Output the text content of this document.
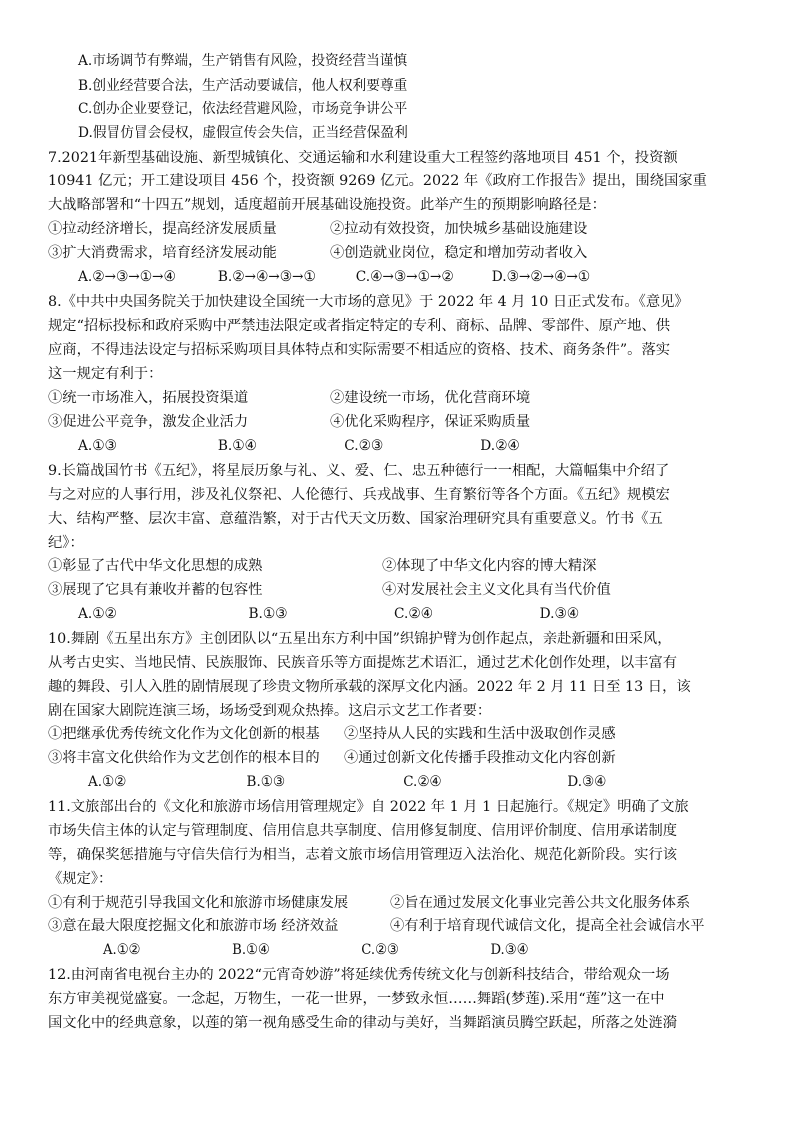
A.市场调节有弊端，生产销售有风险，投资经营当谨慎
B.创业经营要合法，生产活动要诚信，他人权利要尊重
C.创办企业要登记，依法经营避风险，市场竞争讲公平
D.假冒仿冒会侵权，虚假宣传会失信，正当经营保盈利
7.2021年新型基础设施、新型城镇化、交通运输和水利建设重大工程签约落地项目 451 个，投资额
10941 亿元；开工建设项目 456 个，投资额 9269 亿元。2022 年《政府工作报告》提出，围绕国家重
大战略部署和“十四五”规划，适度超前开展基础设施投资。此举产生的预期影响路径是：
①拉动经济增长，提高经济发展质量	②拉动有效投资，加快城乡基础设施建设
③扩大消费需求，培育经济发展动能	④创造就业岗位，稳定和增加劳动者收入
A.②→③→①→④	B.②→④→③→①	C.④→③→①→②	D.③→②→④→①
8.《中共中央国务院关于加快建设全国统一大市场的意见》于 2022 年 4 月 10 日正式发布。《意见》
规定“招标投标和政府采购中严禁违法限定或者指定特定的专利、商标、品牌、零部件、原产地、供
应商，不得违法设定与招标采购项目具体特点和实际需要不相适应的资格、技术、商务条件”。落实
这一规定有利于：
①统一市场准入，拓展投资渠道	②建设统一市场，优化营商环境
③促进公平竞争，激发企业活力	④优化采购程序，保证采购质量
A.①③	B.①④	C.②③	D.②④
9.长篇战国竹书《五纪》，将星辰历象与礼、义、爱、仁、忠五种德行一一相配，大篇幅集中介绍了
与之对应的人事行用，涉及礼仪祭祀、人伦德行、兵戎战事、生育繁衍等各个方面。《五纪》规模宏
大、结构严整、层次丰富、意蕴浩繁，对于古代天文历数、国家治理研究具有重要意义。竹书《五
纪》：
①彰显了古代中华文化思想的成熟	②体现了中华文化内容的博大精深
③展现了它具有兼收并蓄的包容性	④对发展社会主义文化具有当代价值
A.①②	B.①③	C.②④	D.③④
10.舞剧《五星出东方》主创团队以“五星出东方利中国”织锦护臂为创作起点，亲赴新疆和田采风，
从考古史实、当地民情、民族服饰、民族音乐等方面提炼艺术语汇，通过艺术化创作处理，以丰富有
趣的舞段、引人入胜的剧情展现了珍贵文物所承载的深厚文化内涵。2022 年 2 月 11 日至 13 日，该
剧在国家大剧院连演三场，场场受到观众热捧。这启示文艺工作者要：
①把继承优秀传统文化作为文化创新的根基 ②坚持从人民的实践和生活中汲取创作灵感
③将丰富文化供给作为文艺创作的根本目的 ④通过创新文化传播手段推动文化内容创新
A.①②	B.①③	C.②④	D.③④
11.文旅部出台的《文化和旅游市场信用管理规定》自 2022 年 1 月 1 日起施行。《规定》明确了文旅
市场失信主体的认定与管理制度、信用信息共享制度、信用修复制度、信用评价制度、信用承诺制度
等，确保奖惩措施与守信失信行为相当，志着文旅市场信用管理迈入法治化、规范化新阶段。实行该
《规定》：
①有利于规范引导我国文化和旅游市场健康发展	②旨在通过发展文化事业完善公共文化服务体系
③意在最大限度挖掘文化和旅游市场 经济效益	④有利于培育现代诚信文化，提高全社会诚信水平
A.①②	B.①④	C.②③	D.③④
12.由河南省电视台主办的 2022“元宵奇妙游”将延续优秀传统文化与创新科技结合，带给观众一场
东方审美视觉盛宴。一念起，万物生，一花一世界，一梦致永恒……舞蹈(梦莲).采用“莲”这一在中
国文化中的经典意象，以莲的第一视角感受生命的律动与美好，当舞蹈演员腾空跃起，所落之处涟漪
